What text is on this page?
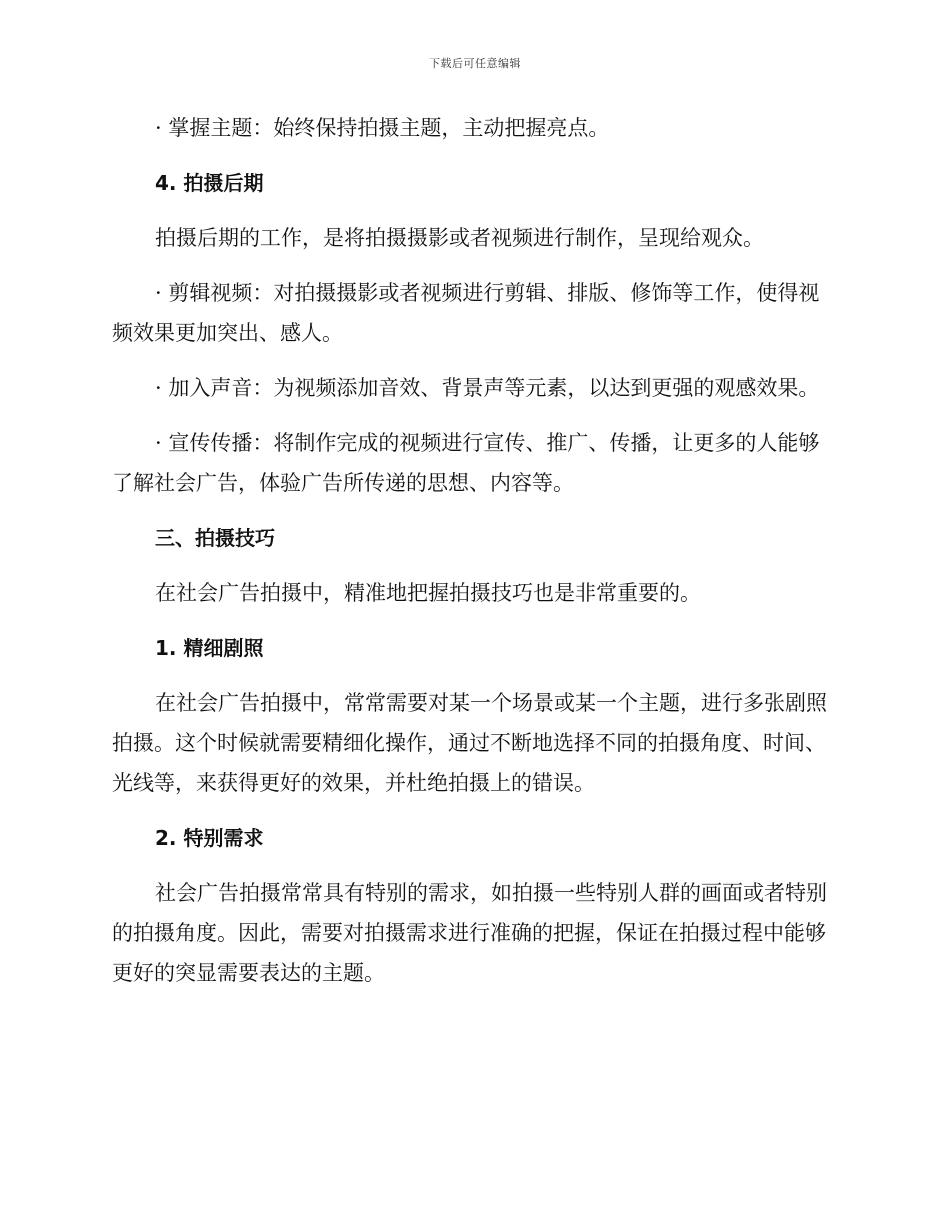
下载后可任意编辑

· 掌握主题：始终保持拍摄主题，主动把握亮点。

4. 拍摄后期

拍摄后期的工作，是将拍摄摄影或者视频进行制作，呈现给观众。

· 剪辑视频：对拍摄摄影或者视频进行剪辑、排版、修饰等工作，使得视频效果更加突出、感人。

· 加入声音：为视频添加音效、背景声等元素，以达到更强的观感效果。

· 宣传传播：将制作完成的视频进行宣传、推广、传播，让更多的人能够了解社会广告，体验广告所传递的思想、内容等。

三、拍摄技巧

在社会广告拍摄中，精准地把握拍摄技巧也是非常重要的。

1. 精细剧照

在社会广告拍摄中，常常需要对某一个场景或某一个主题，进行多张剧照拍摄。这个时候就需要精细化操作，通过不断地选择不同的拍摄角度、时间、光线等，来获得更好的效果，并杜绝拍摄上的错误。

2. 特别需求

社会广告拍摄常常具有特别的需求，如拍摄一些特别人群的画面或者特别的拍摄角度。因此，需要对拍摄需求进行准确的把握，保证在拍摄过程中能够更好的突显需要表达的主题。
